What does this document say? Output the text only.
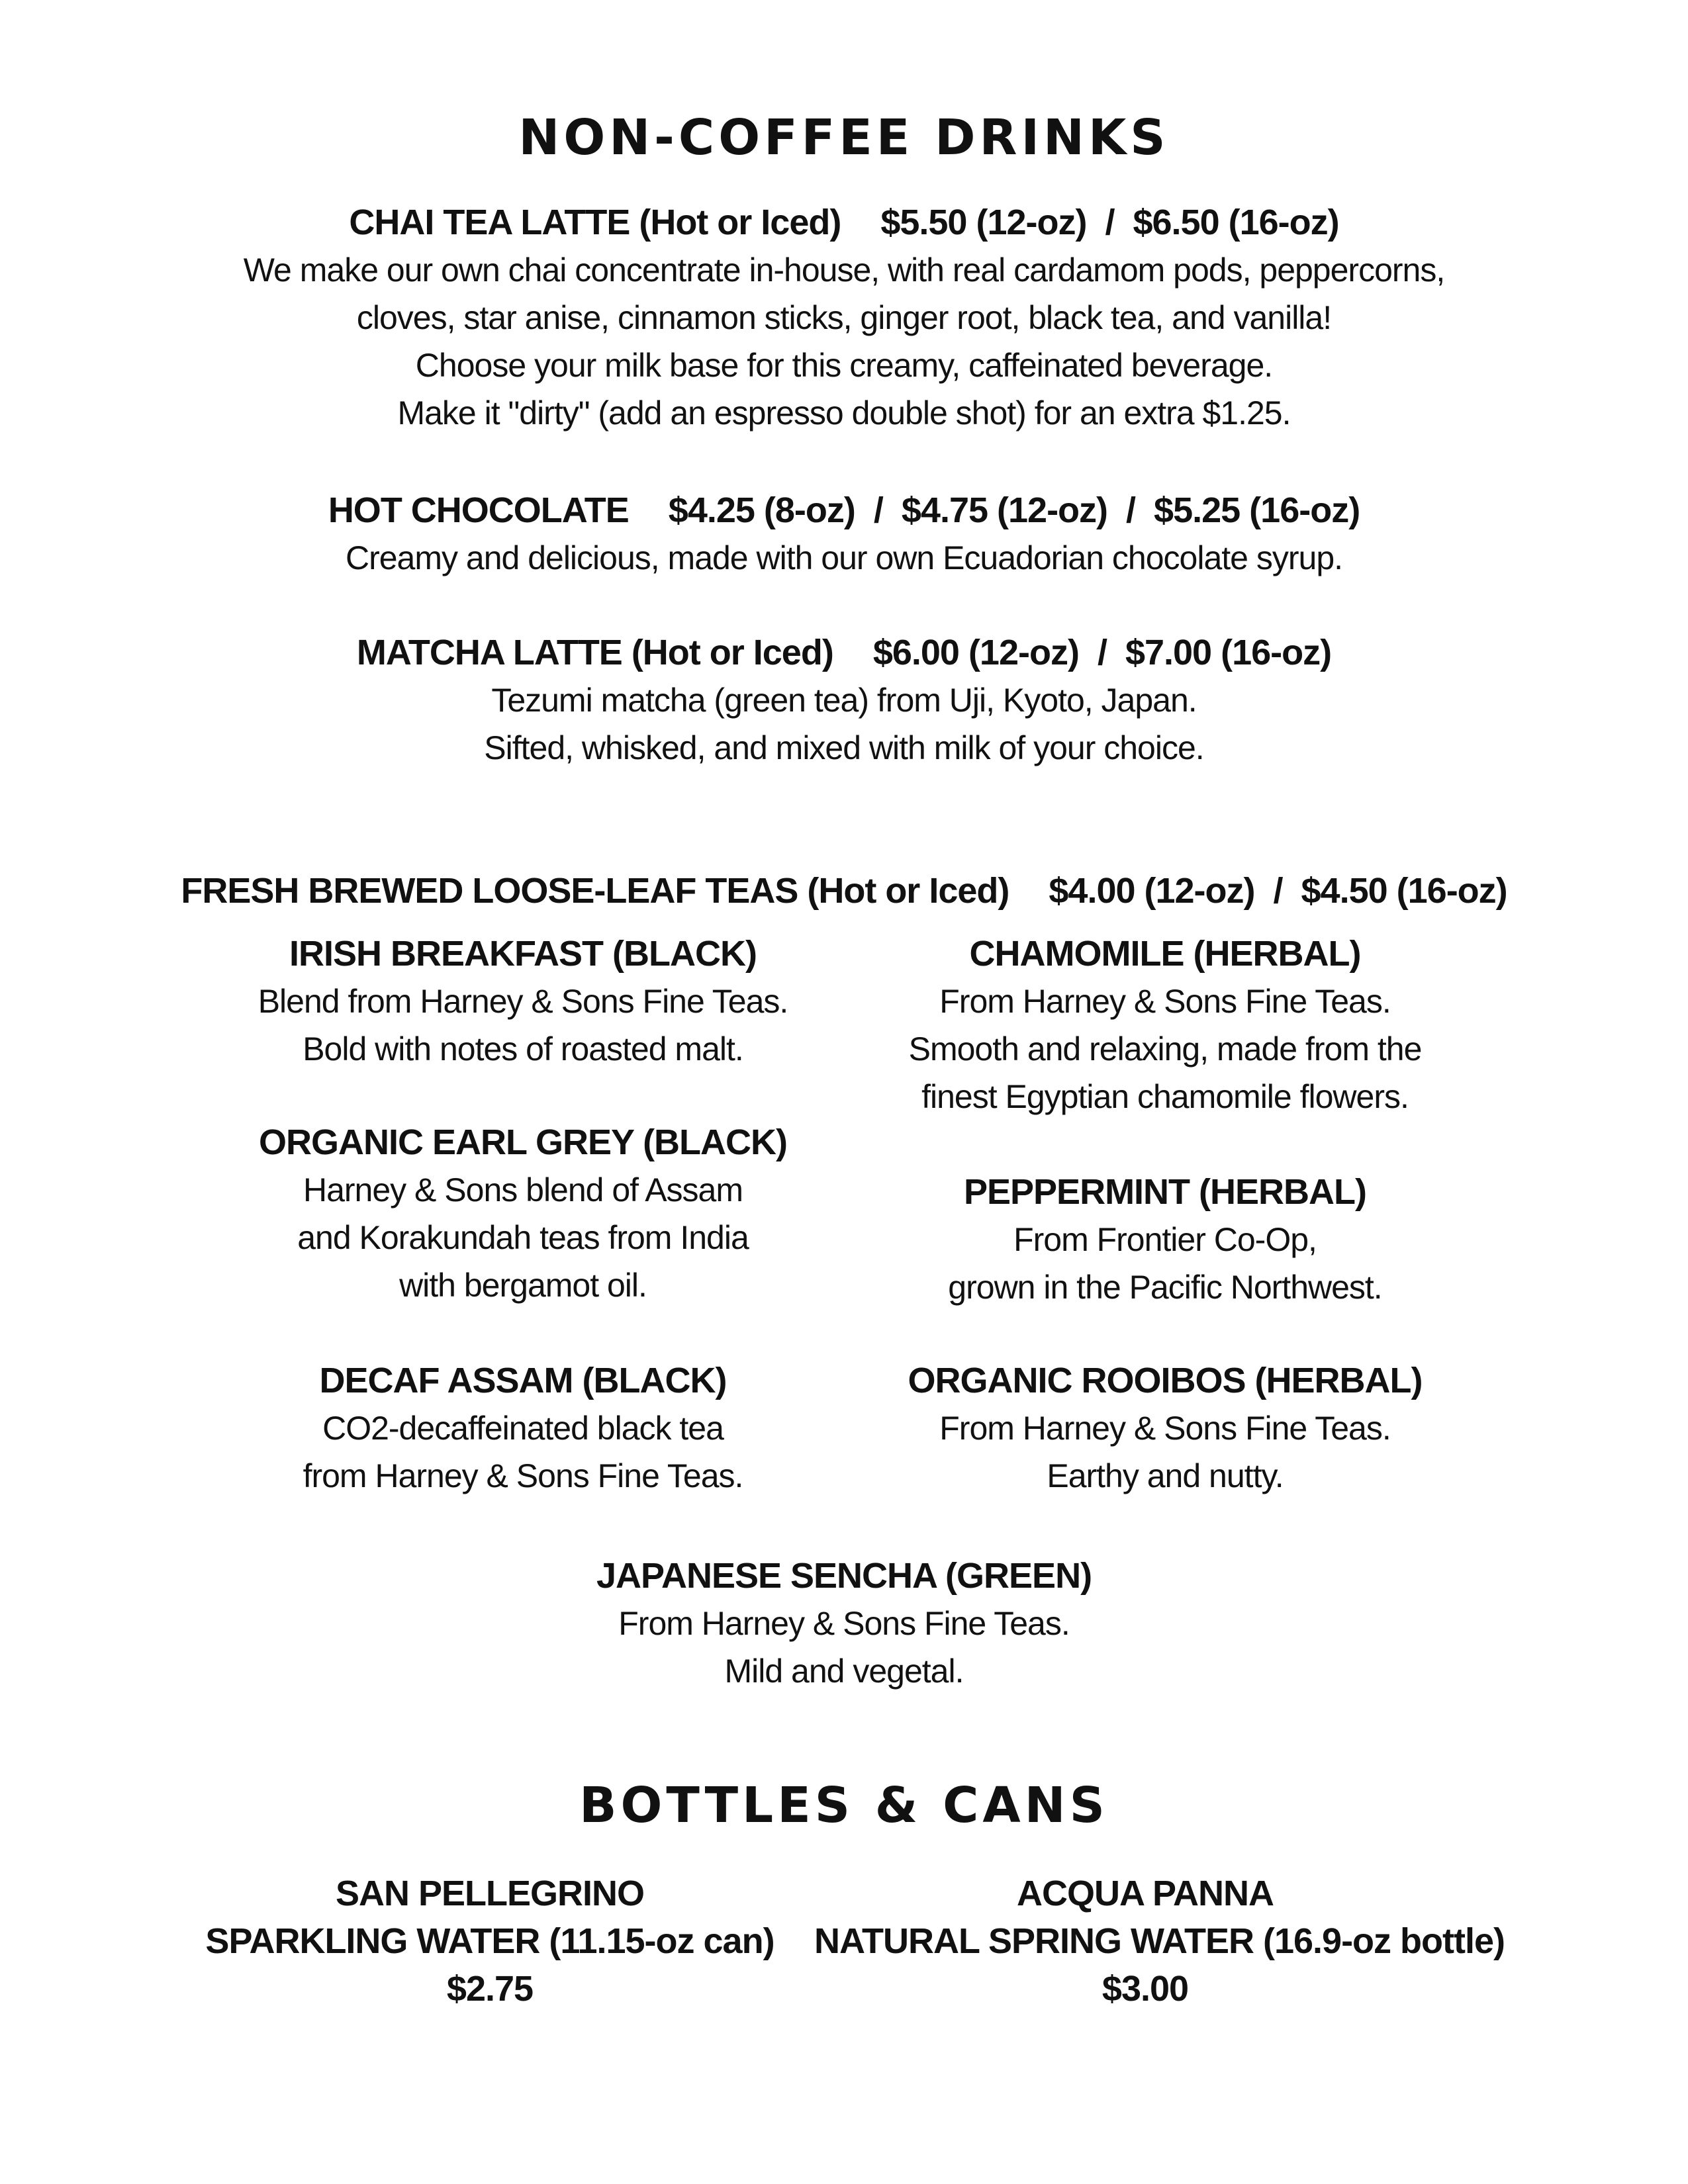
NON-COFFEE DRINKS
CHAI TEA LATTE (Hot or Iced) $5.50 (12-oz)  /  $6.50 (16-oz)
We make our own chai concentrate in-house, with real cardamom pods, peppercorns,
cloves, star anise, cinnamon sticks, ginger root, black tea, and vanilla!
Choose your milk base for this creamy, caffeinated beverage.
Make it "dirty" (add an espresso double shot) for an extra $1.25.
HOT CHOCOLATE $4.25 (8-oz)  /  $4.75 (12-oz)  /  $5.25 (16-oz)
Creamy and delicious, made with our own Ecuadorian chocolate syrup.
MATCHA LATTE (Hot or Iced) $6.00 (12-oz)  /  $7.00 (16-oz)
Tezumi matcha (green tea) from Uji, Kyoto, Japan.
Sifted, whisked, and mixed with milk of your choice.
FRESH BREWED LOOSE-LEAF TEAS (Hot or Iced) $4.00 (12-oz)  /  $4.50 (16-oz)
IRISH BREAKFAST (BLACK)
Blend from Harney & Sons Fine Teas.
Bold with notes of roasted malt.
ORGANIC EARL GREY (BLACK)
Harney & Sons blend of Assam
and Korakundah teas from India
with bergamot oil.
DECAF ASSAM (BLACK)
CO2-decaffeinated black tea
from Harney & Sons Fine Teas.
CHAMOMILE (HERBAL)
From Harney & Sons Fine Teas.
Smooth and relaxing, made from the
finest Egyptian chamomile flowers.
PEPPERMINT (HERBAL)
From Frontier Co-Op,
grown in the Pacific Northwest.
ORGANIC ROOIBOS (HERBAL)
From Harney & Sons Fine Teas.
Earthy and nutty.
JAPANESE SENCHA (GREEN)
From Harney & Sons Fine Teas.
Mild and vegetal.
BOTTLES & CANS
SAN PELLEGRINO
SPARKLING WATER (11.15-oz can)
$2.75
ACQUA PANNA
NATURAL SPRING WATER (16.9-oz bottle)
$3.00
